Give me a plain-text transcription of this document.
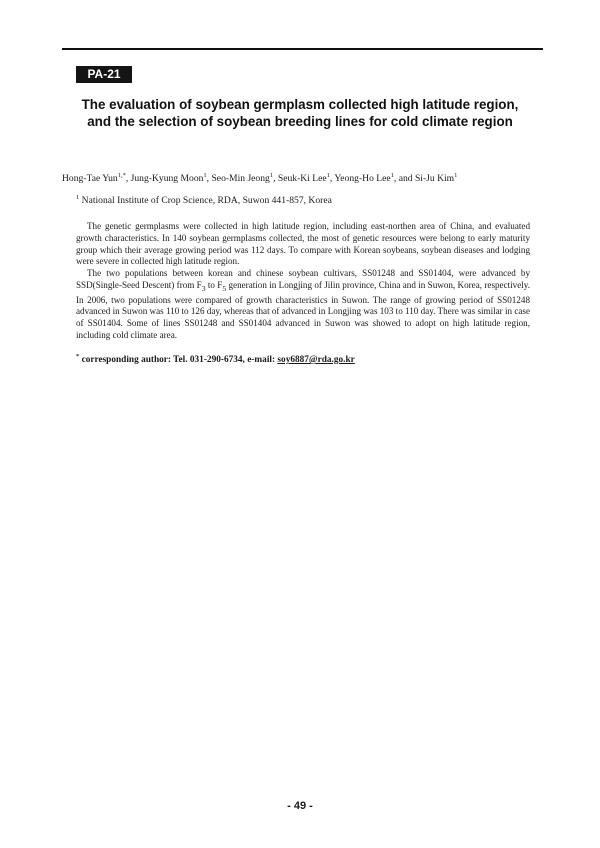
PA-21
The evaluation of soybean germplasm collected high latitude region, and the selection of soybean breeding lines for cold climate region
Hong-Tae Yun$^{1,*}$, Jung-Kyung Moon$^1$, Seo-Min Jeong$^1$, Seuk-Ki Lee$^1$, Yeong-Ho Lee$^1$, and Si-Ju Kim$^1$
$^1$ National Institute of Crop Science, RDA, Suwon 441-857, Korea

The genetic germplasms were collected in high latitude region, including east-northen area of China, and evaluated growth characteristics. In 140 soybean germplasms collected, the most of genetic resources were belong to early maturity group which their average growing period was 112 days. To compare with Korean soybeans, soybean diseases and lodging were severe in collected high latitude region.

The two populations between korean and chinese soybean cultivars, SS01248 and SS01404, were advanced by SSD(Single-Seed Descent) from $F_3$ to $F_5$ generation in Longjing of Jilin province, China and in Suwon, Korea, respectively. In 2006, two populations were compared of growth characteristics in Suwon. The range of growing period of SS01248 advanced in Suwon was 110 to 126 day, whereas that of advanced in Longjing was 103 to 110 day. There was similar in case of SS01404. Some of lines SS01248 and SS01404 advanced in Suwon was showed to adopt on high latitude region, including cold climate area.

* corresponding author: Tel. 031-290-6734, e-mail: soy6887@rda.go.kr
- 49 -
